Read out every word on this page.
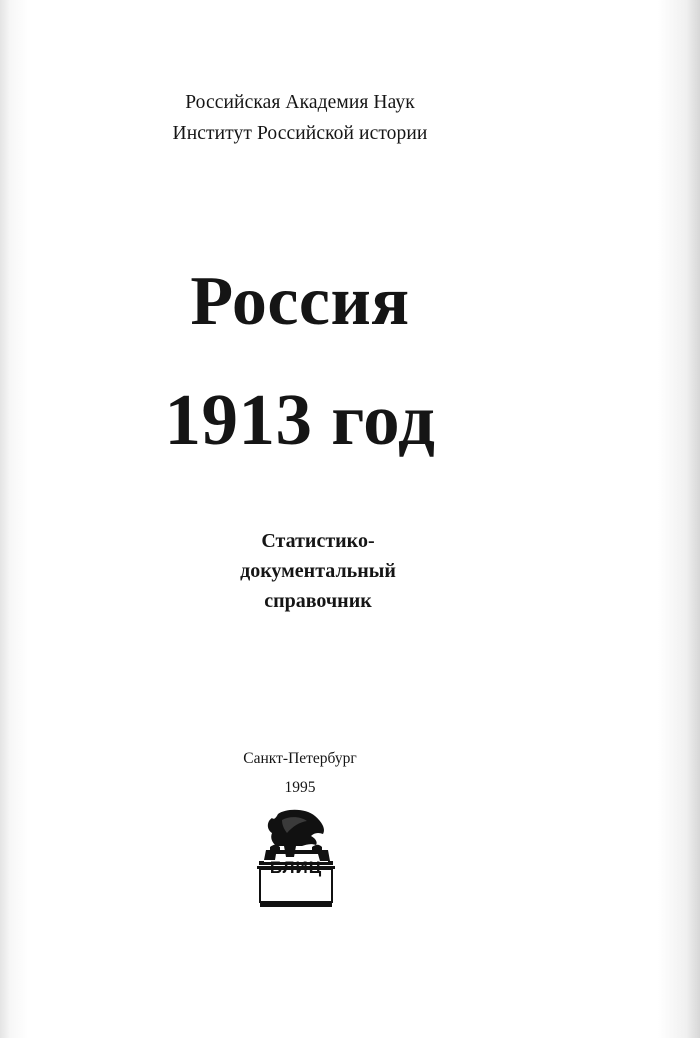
Российская Академия Наук
Институт Российской истории
Россия
1913 год
Статистико-документальный справочник
Санкт-Петербург
1995
БЛИЦ
